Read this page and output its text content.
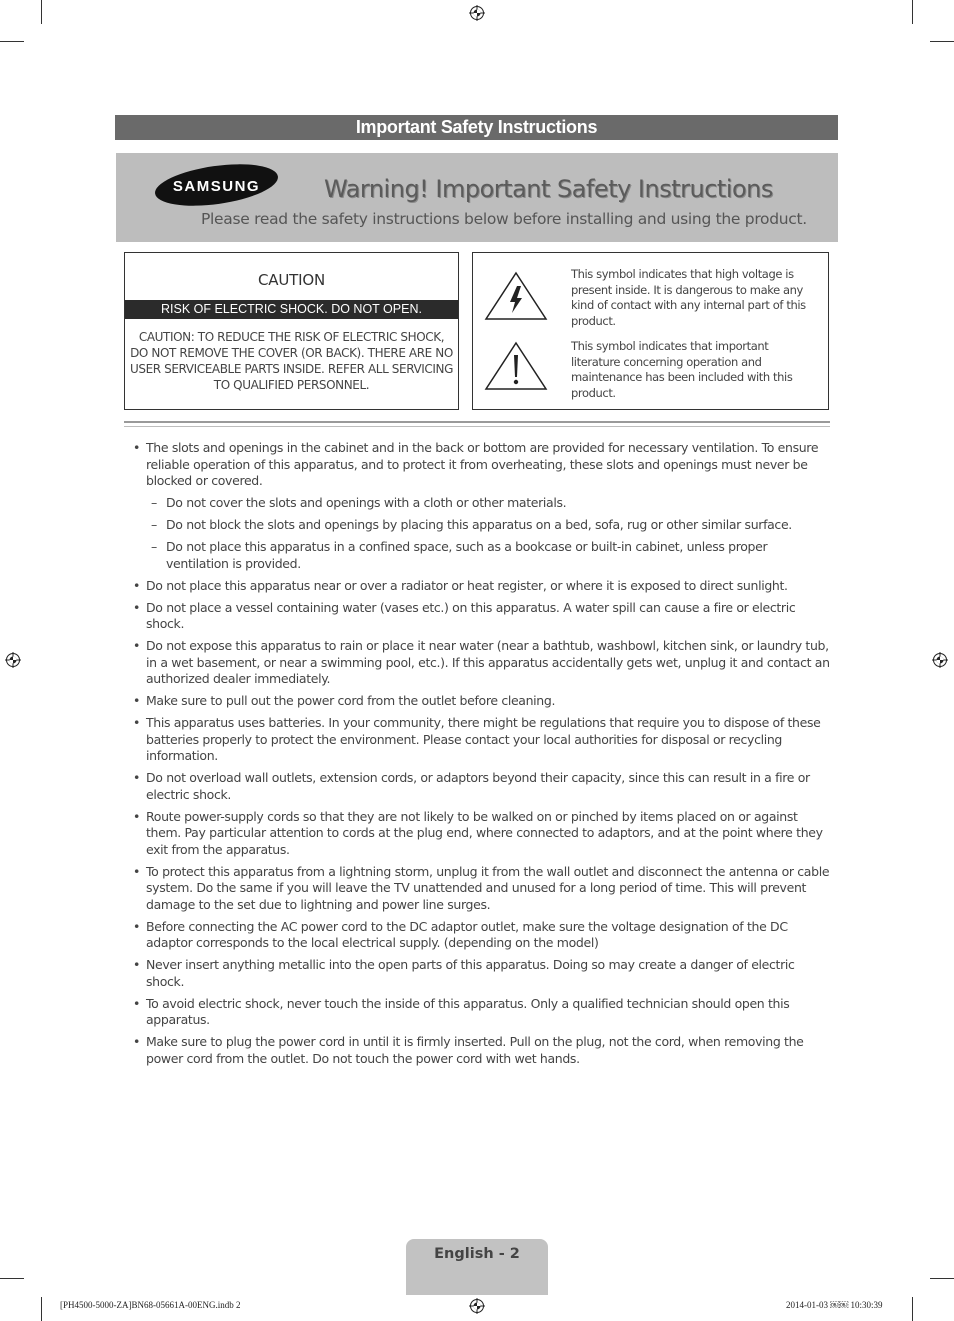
Important Safety Instructions
SAMSUNG	Warning! Important Safety Instructions
Please read the safety instructions below before installing and using the product.
CAUTION
RISK OF ELECTRIC SHOCK. DO NOT OPEN.
CAUTION: TO REDUCE THE RISK OF ELECTRIC SHOCK, DO NOT REMOVE THE COVER (OR BACK). THERE ARE NO USER SERVICEABLE PARTS INSIDE. REFER ALL SERVICING TO QUALIFIED PERSONNEL.
This symbol indicates that high voltage is present inside. It is dangerous to make any kind of contact with any internal part of this product.
This symbol indicates that important literature concerning operation and maintenance has been included with this product.
• The slots and openings in the cabinet and in the back or bottom are provided for necessary ventilation. To ensure reliable operation of this apparatus, and to protect it from overheating, these slots and openings must never be blocked or covered.
– Do not cover the slots and openings with a cloth or other materials.
– Do not block the slots and openings by placing this apparatus on a bed, sofa, rug or other similar surface.
– Do not place this apparatus in a confined space, such as a bookcase or built-in cabinet, unless proper ventilation is provided.
• Do not place this apparatus near or over a radiator or heat register, or where it is exposed to direct sunlight.
• Do not place a vessel containing water (vases etc.) on this apparatus. A water spill can cause a fire or electric shock.
• Do not expose this apparatus to rain or place it near water (near a bathtub, washbowl, kitchen sink, or laundry tub, in a wet basement, or near a swimming pool, etc.). If this apparatus accidentally gets wet, unplug it and contact an authorized dealer immediately.
• Make sure to pull out the power cord from the outlet before cleaning.
• This apparatus uses batteries. In your community, there might be regulations that require you to dispose of these batteries properly to protect the environment. Please contact your local authorities for disposal or recycling information.
• Do not overload wall outlets, extension cords, or adaptors beyond their capacity, since this can result in a fire or electric shock.
• Route power-supply cords so that they are not likely to be walked on or pinched by items placed on or against them. Pay particular attention to cords at the plug end, where connected to adaptors, and at the point where they exit from the apparatus.
• To protect this apparatus from a lightning storm, unplug it from the wall outlet and disconnect the antenna or cable system. Do the same if you will leave the TV unattended and unused for a long period of time. This will prevent damage to the set due to lightning and power line surges.
• Before connecting the AC power cord to the DC adaptor outlet, make sure the voltage designation of the DC adaptor corresponds to the local electrical supply. (depending on the model)
• Never insert anything metallic into the open parts of this apparatus. Doing so may create a danger of electric shock.
• To avoid electric shock, never touch the inside of this apparatus. Only a qualified technician should open this apparatus.
• Make sure to plug the power cord in until it is firmly inserted. Pull on the plug, not the cord, when removing the power cord from the outlet. Do not touch the power cord with wet hands.
English - 2
[PH4500-5000-ZA]BN68-05661A-00ENG.indb 2	2014-01-03 ￼￼ 10:30:39
